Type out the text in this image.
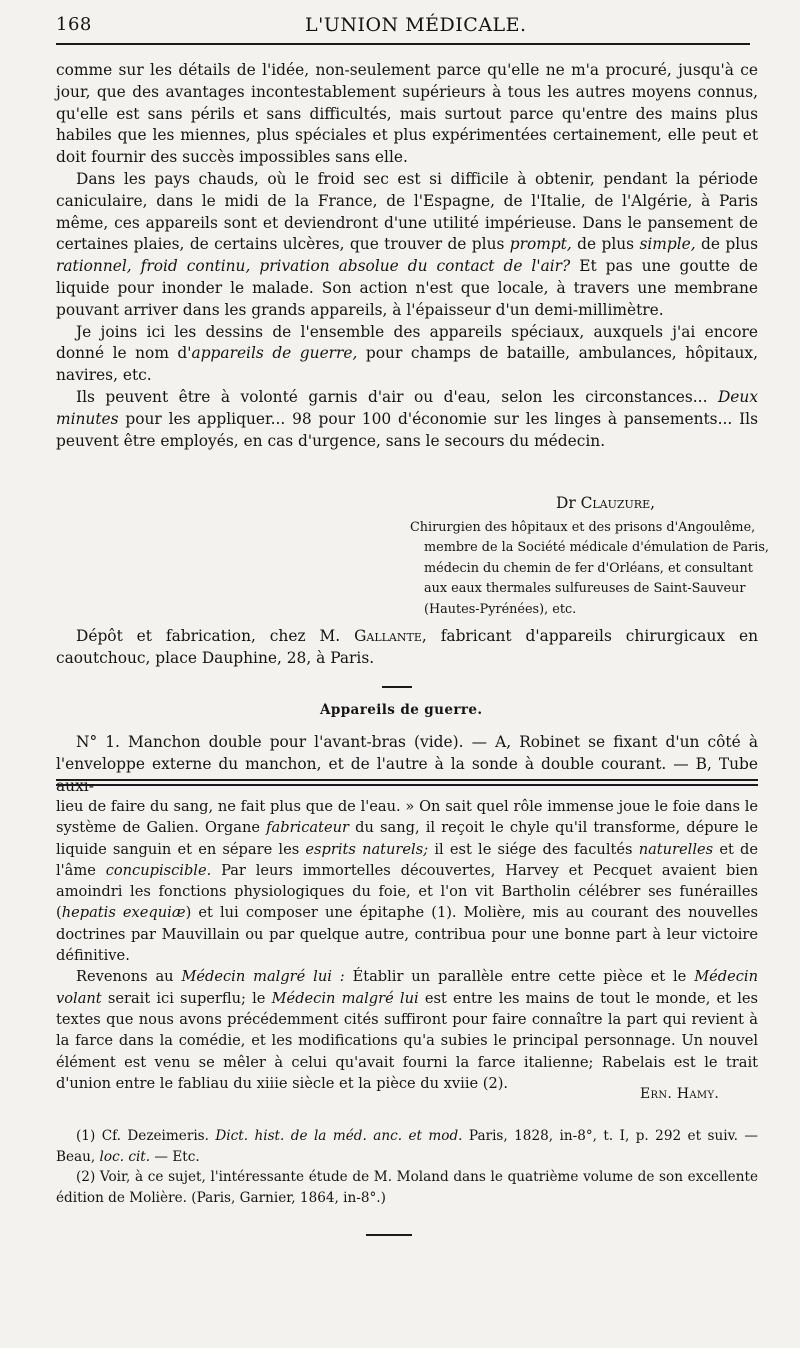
168	L'UNION MÉDICALE.

comme sur les détails de l'idée, non-seulement parce qu'elle ne m'a procuré, jusqu'à ce jour, que des avantages incontestablement supérieurs à tous les autres moyens connus, qu'elle est sans périls et sans difficultés, mais surtout parce qu'entre des mains plus habiles que les miennes, plus spéciales et plus expérimentées certainement, elle peut et doit fournir des succès impossibles sans elle.

Dans les pays chauds, où le froid sec est si difficile à obtenir, pendant la période caniculaire, dans le midi de la France, de l'Espagne, de l'Italie, de l'Algérie, à Paris même, ces appareils sont et deviendront d'une utilité impérieuse. Dans le pansement de certaines plaies, de certains ulcères, que trouver de plus prompt, de plus simple, de plus rationnel, froid continu, privation absolue du contact de l'air? Et pas une goutte de liquide pour inonder le malade. Son action n'est que locale, à travers une membrane pouvant arriver dans les grands appareils, à l'épaisseur d'un demi-millimètre.

Je joins ici les dessins de l'ensemble des appareils spéciaux, auxquels j'ai encore donné le nom d'appareils de guerre, pour champs de bataille, ambulances, hôpitaux, navires, etc.

Ils peuvent être à volonté garnis d'air ou d'eau, selon les circonstances... Deux minutes pour les appliquer... 98 pour 100 d'économie sur les linges à pansements... Ils peuvent être employés, en cas d'urgence, sans le secours du médecin.

Dr Clauzure,
Chirurgien des hôpitaux et des prisons d'Angoulême,
membre de la Société médicale d'émulation de Paris,
médecin du chemin de fer d'Orléans, et consultant
aux eaux thermales sulfureuses de Saint-Sauveur
(Hautes-Pyrénées), etc.

Dépôt et fabrication, chez M. Gallante, fabricant d'appareils chirurgicaux en caoutchouc, place Dauphine, 28, à Paris.

Appareils de guerre.

N° 1. Manchon double pour l'avant-bras (vide). — A, Robinet se fixant d'un côté à l'enveloppe externe du manchon, et de l'autre à la sonde à double courant. — B, Tube

lieu de faire du sang, ne fait plus que de l'eau. » On sait quel rôle immense joue le foie dans le système de Galien. Organe fabricateur du sang, il reçoit le chyle qu'il transforme, dépure le liquide sanguin et en sépare les esprits naturels; il est le siége des facultés naturelles et de l'âme concupiscible. Par leurs immortelles découvertes, Harvey et Pecquet avaient bien amoindri les fonctions physiologiques du foie, et l'on vit Bartholin célébrer ses funérailles (hepatis exequiæ) et lui composer une épitaphe (1). Molière, mis au courant des nouvelles doctrines par Mauvillain ou par quelque autre, contribua pour une bonne part à leur victoire définitive.

Revenons au Médecin malgré lui : Établir un parallèle entre cette pièce et le Médecin volant serait ici superflu; le Médecin malgré lui est entre les mains de tout le monde, et les textes que nous avons précédemment cités suffiront pour faire connaître la part qui revient à la farce dans la comédie, et les modifications qu'a subies le principal personnage. Un nouvel élément est venu se mêler à celui qu'avait fourni la farce italienne; Rabelais est le trait d'union entre le fabliau du xiiie siècle et la pièce du xviie (2).

Ern. Hamy.

(1) Cf. Dezeimeris. Dict. hist. de la méd. anc. et mod. Paris, 1828, in-8°, t. I, p. 292 et suiv. — Beau, loc. cit. — Etc.

(2) Voir, à ce sujet, l'intéressante étude de M. Moland dans le quatrième volume de son excellente édition de Molière. (Paris, Garnier, 1864, in-8°.)
